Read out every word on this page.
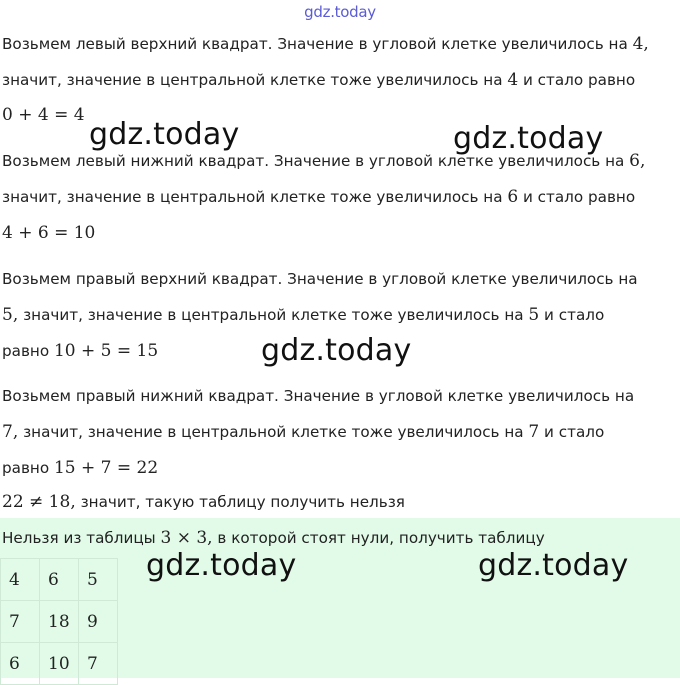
gdz.today
Возьмем левый верхний квадрат. Значение в угловой клетке увеличилось на 4,
значит, значение в центральной клетке тоже увеличилось на 4 и стало равно
0 + 4 = 4
Возьмем левый нижний квадрат. Значение в угловой клетке увеличилось на 6,
значит, значение в центральной клетке тоже увеличилось на 6 и стало равно
4 + 6 = 10
Возьмем правый верхний квадрат. Значение в угловой клетке увеличилось на
5, значит, значение в центральной клетке тоже увеличилось на 5 и стало
равно 10 + 5 = 15
Возьмем правый нижний квадрат. Значение в угловой клетке увеличилось на
7, значит, значение в центральной клетке тоже увеличилось на 7 и стало
равно 15 + 7 = 22
22 ≠ 18, значит, такую таблицу получить нельзя
Нельзя из таблицы 3 × 3, в которой стоят нули, получить таблицу
4	6	5
7	18	9
6	10	7
gdz.today	gdz.today
gdz.today
gdz.today	gdz.today
